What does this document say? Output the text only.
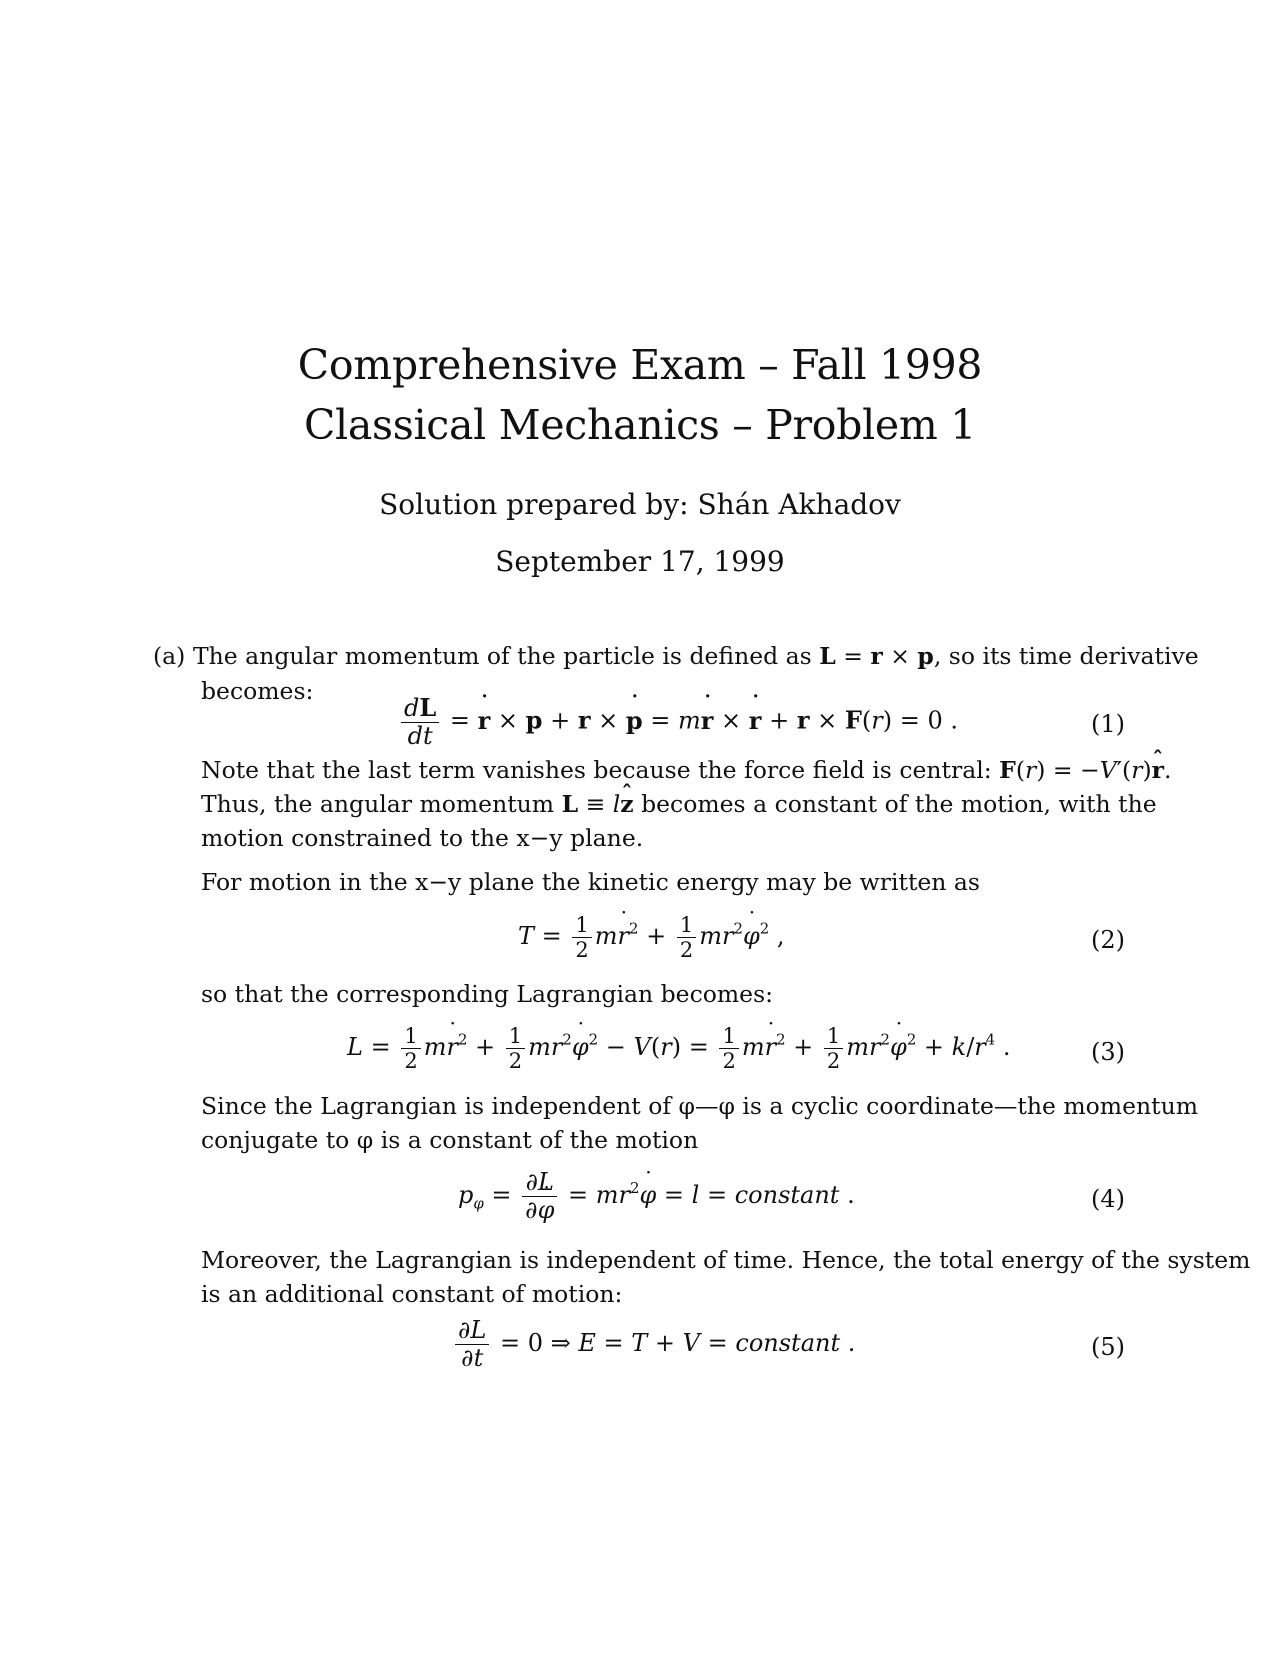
Comprehensive Exam – Fall 1998
Classical Mechanics – Problem 1
Solution prepared by: Shán Akhadov
September 17, 1999
(a) The angular momentum of the particle is defined as L = r × p, so its time derivative
becomes:
$\frac{dL}{dt}$ = ˙ r × p + r × ˙ p = m˙ r × ˙ r + r × F(r) = 0 .	(1)
Note that the last term vanishes because the force field is central: F(r) = −V′(r)ˆ r.
Thus, the angular momentum L ≡ lˆ z becomes a constant of the motion, with the
motion constrained to the x−y plane.
For motion in the x−y plane the kinetic energy may be written as
$T = \frac{1}{2}$ m˙ $r^2 + \frac{1}{2}$ $mr^2˙$ $\varphi^2$ ,	(2)
so that the corresponding Lagrangian becomes:
$L = \frac{1}{2}$ m˙ $r^2 + \frac{1}{2}$ $mr^2˙$ $\varphi^2 - V(r) = \frac{1}{2}$ m˙ $r^2 + \frac{1}{2}$ $mr^2˙$ $\varphi^2 + k/r^4$ .	(3)
Since the Lagrangian is independent of φ—φ is a cyclic coordinate—the momentum
conjugate to φ is a constant of the motion
$p_\varphi = \frac{\partial L}{\partial˙ \varphi}$ = $mr^2˙$ φ = l = constant .	(4)
Moreover, the Lagrangian is independent of time. Hence, the total energy of the system
is an additional constant of motion:
$\frac{\partial L}{\partial t} = 0$ ⇒ E = T + V = constant .	(5)
